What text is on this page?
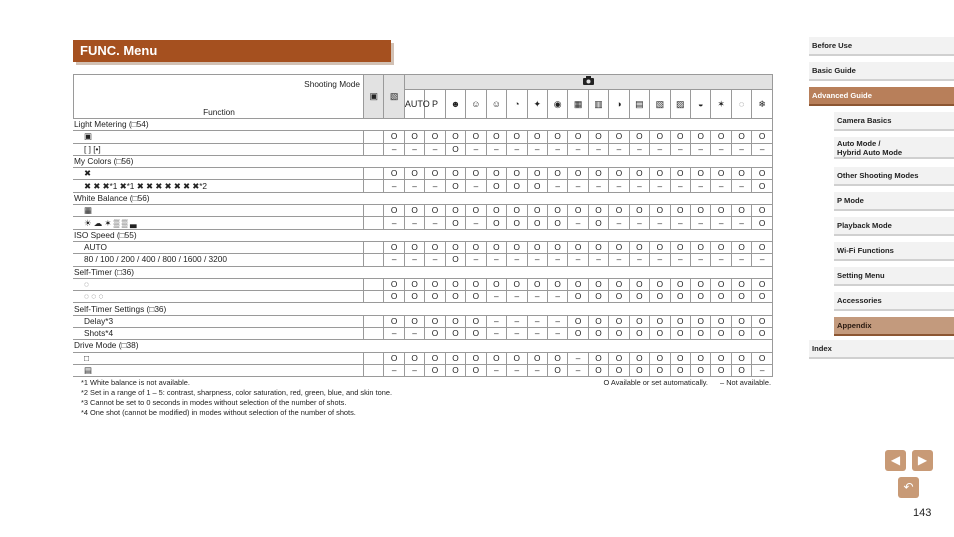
FUNC. Menu
Shooting Mode
Function	▣	▧	
			AUTO	P	☻	☺	☺	◔	✦	◉	▦	▥	◑	▤	▧	▨	◒	✶	◌	❄
Light Metering (□54)																				
▣		O	O	O	O	O	O	O	O	O	O	O	O	O	O	O	O	O	O	O
[ ] [•]		–	–	–	O	–	–	–	–	–	–	–	–	–	–	–	–	–	–	–
My Colors (□56)																				
✖		O	O	O	O	O	O	O	O	O	O	O	O	O	O	O	O	O	O	O
✖ ✖ ✖*1 ✖*1 ✖ ✖ ✖ ✖ ✖ ✖ ✖*2		–	–	–	O	–	O	O	O	–	–	–	–	–	–	–	–	–	–	O
White Balance (□56)																				
▦		O	O	O	O	O	O	O	O	O	O	O	O	O	O	O	O	O	O	O
☀ ☁ ✶ ▒ ▒ ▃		–	–	–	O	–	O	O	O	O	–	O	–	–	–	–	–	–	–	O
ISO Speed (□55)																				
AUTO		O	O	O	O	O	O	O	O	O	O	O	O	O	O	O	O	O	O	O
80 / 100 / 200 / 400 / 800 / 1600 / 3200		–	–	–	O	–	–	–	–	–	–	–	–	–	–	–	–	–	–	–
Self-Timer (□36)																				
◌		O	O	O	O	O	O	O	O	O	O	O	O	O	O	O	O	O	O	O
◌ ◌ ◌		O	O	O	O	O	–	–	–	–	O	O	O	O	O	O	O	O	O	O
Self-Timer Settings (□36)																				
Delay*3		O	O	O	O	O	–	–	–	–	O	O	O	O	O	O	O	O	O	O
Shots*4		–	–	O	O	O	–	–	–	–	O	O	O	O	O	O	O	O	O	O
Drive Mode (□38)																				
□		O	O	O	O	O	O	O	O	O	–	O	O	O	O	O	O	O	O	O
▤		–	–	O	O	O	–	–	–	O	–	O	O	O	O	O	O	O	O	–
*1 White balance is not available.
*2 Set in a range of 1 – 5: contrast, sharpness, color saturation, red, green, blue, and skin tone.
*3 Cannot be set to 0 seconds in modes without selection of the number of shots.
*4 One shot (cannot be modified) in modes without selection of the number of shots.
O Available or set automatically. – Not available.
Before Use
Basic Guide
Advanced Guide
Camera Basics
Auto Mode /
Hybrid Auto Mode
Other Shooting Modes
P Mode
Playback Mode
Wi-Fi Functions
Setting Menu
Accessories
Appendix
Index
◀	▶
↶
143
